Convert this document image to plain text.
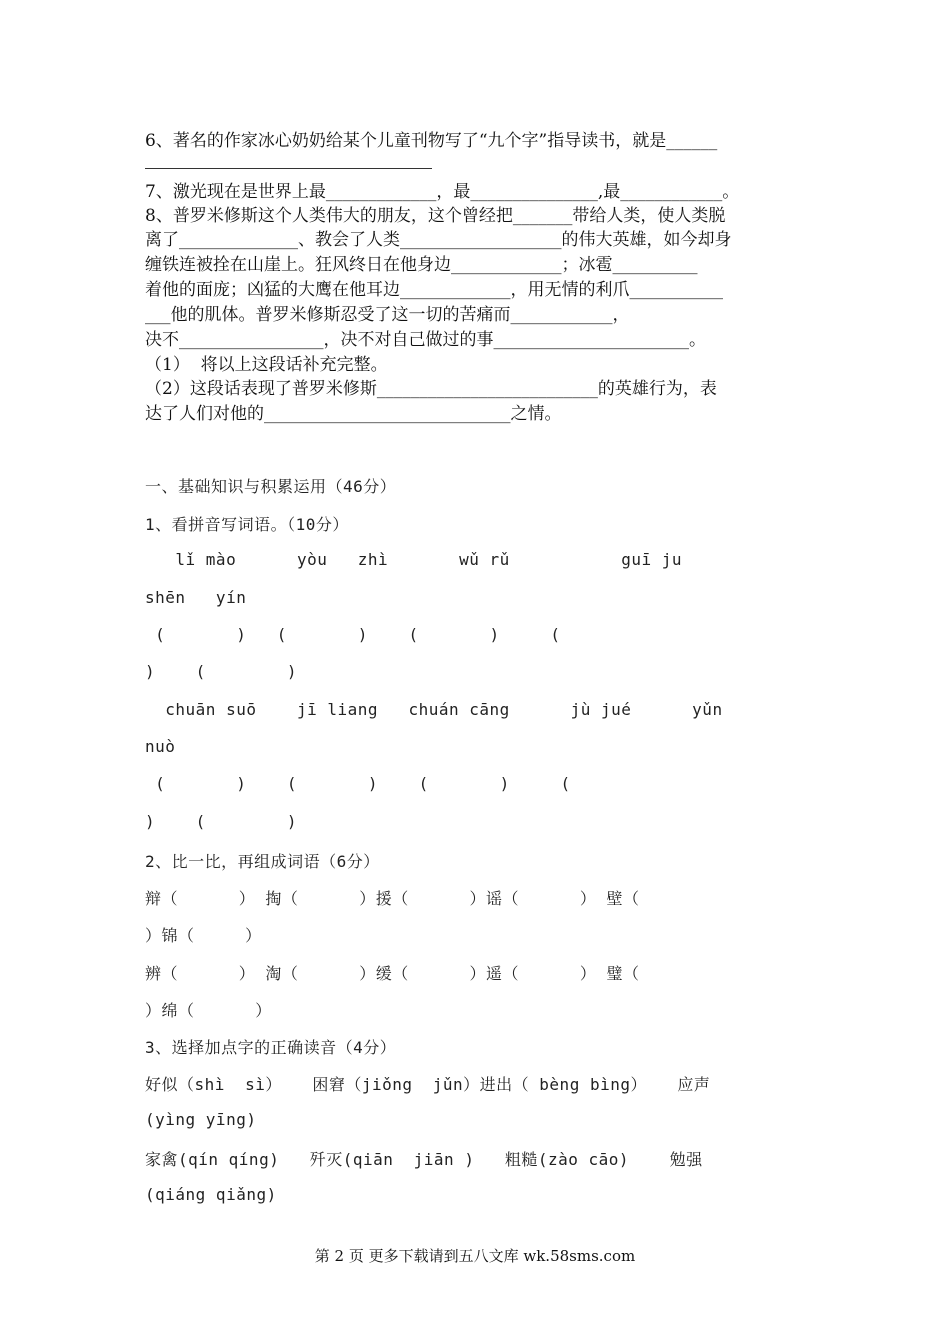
6、著名的作家冰心奶奶给某个儿童刊物写了“九个字”指导读书，就是______
7、激光现在是世界上最_____________，最_______________,最____________。
8、普罗米修斯这个人类伟大的朋友，这个曾经把_______带给人类，使人类脱
离了______________、教会了人类___________________的伟大英雄，如今却身
缠铁连被拴在山崖上。狂风终日在他身边_____________；冰雹__________
着他的面庞；凶猛的大鹰在他耳边_____________，用无情的利爪___________
___他的肌体。普罗米修斯忍受了这一切的苦痛而____________，
决不_________________，决不对自己做过的事_______________________。
（1）  将以上这段话补充完整。
（2）这段话表现了普罗米修斯__________________________的英雄行为，表
达了人们对他的_____________________________之情。
一、基础知识与积累运用（46分）
1、看拼音写词语。（10分）
lǐ mào      yòu   zhì       wǔ rǔ           guī ju
shēn   yín
(       )   (       )    (       )     (
)    (        )
chuān suō    jī liang   chuán cāng      jù jué      yǔn
nuò
(       )    (       )    (       )     (
)    (        )
2、比一比，再组成词语（6分）
辩（      ） 掏（      ）援（      ）谣（      ） 壁（
）锦（     ）
辨（      ） 淘（      ）缓（      ）遥（      ） 璧（
）绵（      ）
3、选择加点字的正确读音（4分）
好似（shì  sì）   困窘（jiǒng  jǔn）进出（ bèng bìng）   应声
(yìng yīng)
家禽(qín qíng)   歼灭(qiān  jiān )   粗糙(zào cāo)    勉强
(qiáng qiǎng)
第 2 页 更多下载请到五八文库 wk.58sms.com
